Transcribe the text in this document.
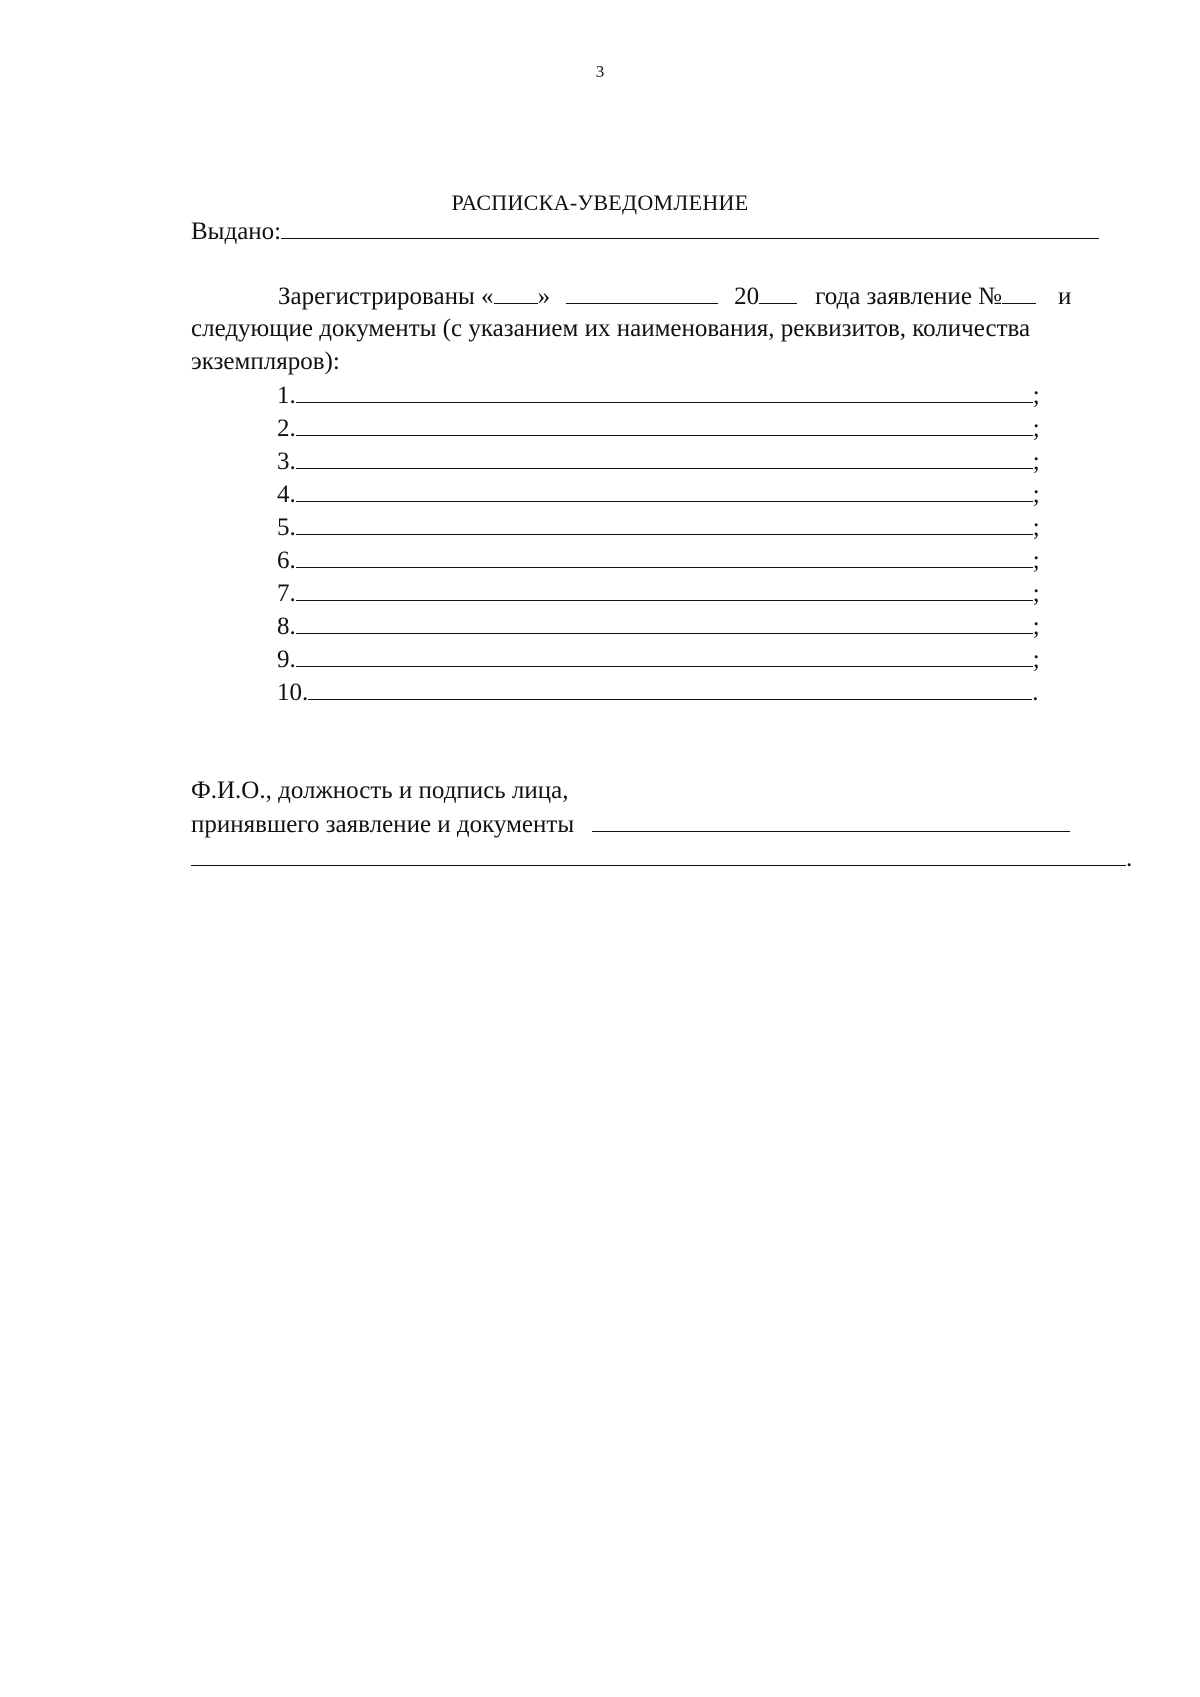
3
РАСПИСКА-УВЕДОМЛЕНИЕ
Выдано:
Зарегистрированы « »	20 года заявление № и
следующие документы (с указанием их наименования, реквизитов, количества
экземпляров):
1.	;
2.	;
3.	;
4.	;
5.	;
6.	;
7.	;
8.	;
9.	;
10.	.
Ф.И.О., должность и подпись лица,
принявшего заявление и документы
.
